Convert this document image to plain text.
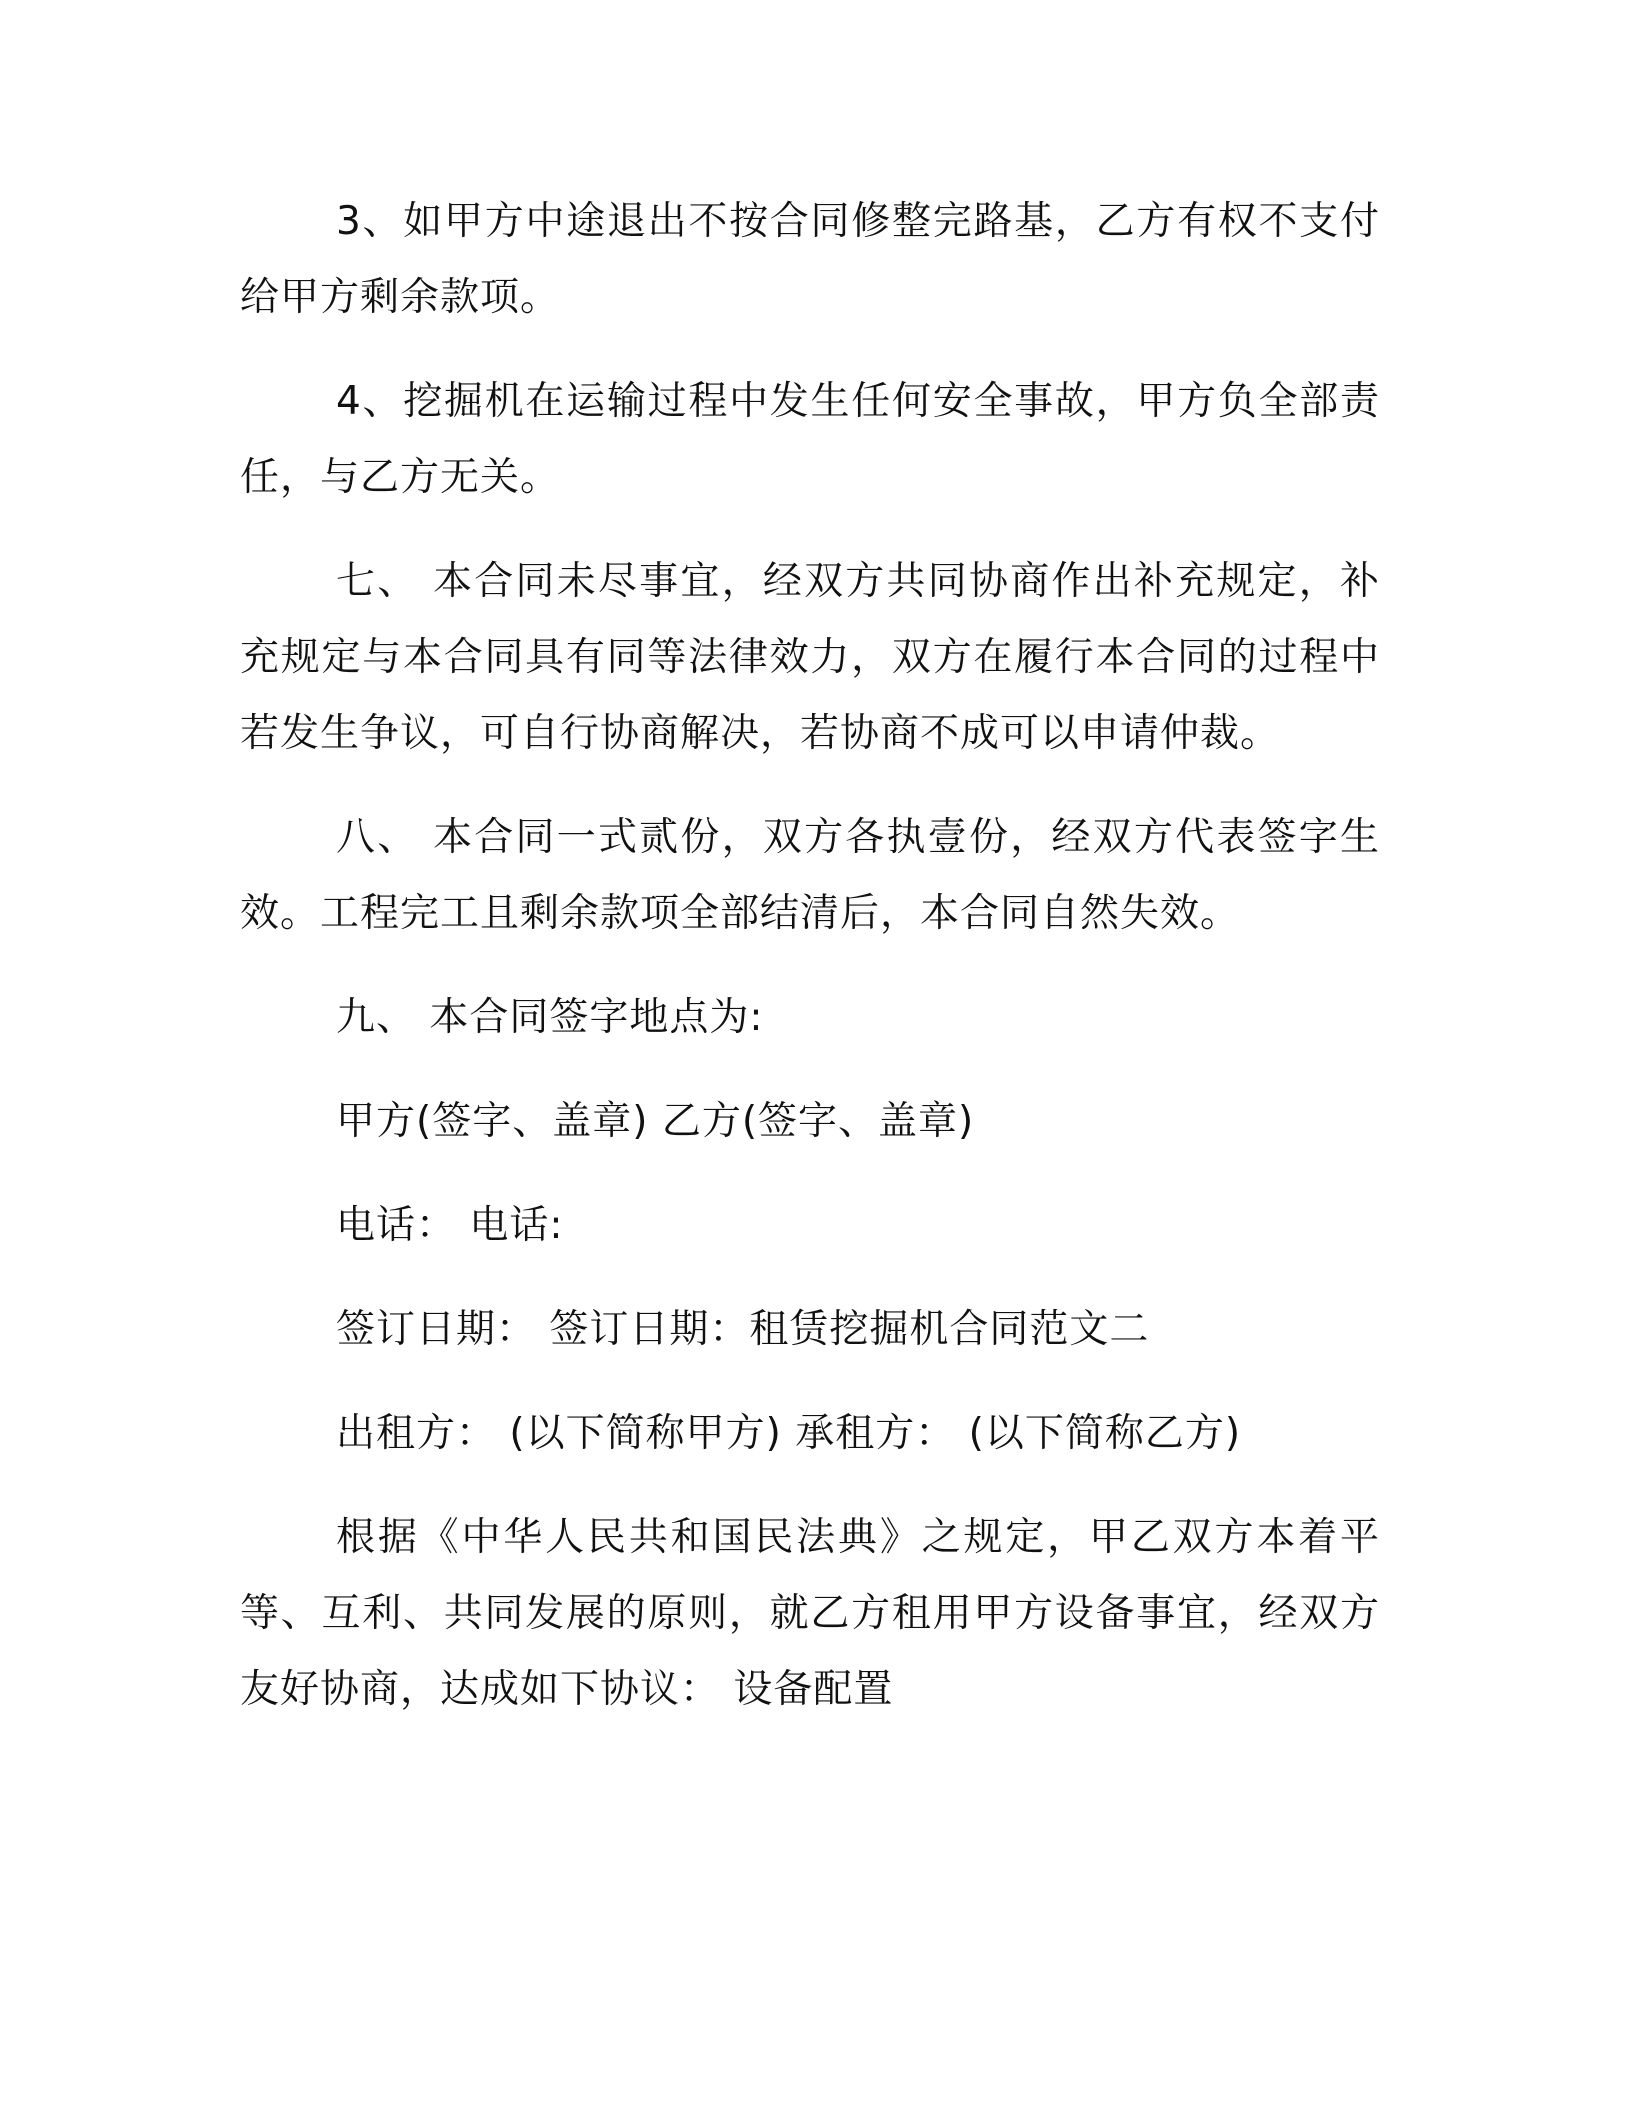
3、如甲方中途退出不按合同修整完路基，乙方有权不支付给甲方剩余款项。

4、挖掘机在运输过程中发生任何安全事故，甲方负全部责任，与乙方无关。

七、 本合同未尽事宜，经双方共同协商作出补充规定，补充规定与本合同具有同等法律效力，双方在履行本合同的过程中若发生争议，可自行协商解决，若协商不成可以申请仲裁。

八、 本合同一式贰份，双方各执壹份，经双方代表签字生效。工程完工且剩余款项全部结清后，本合同自然失效。

九、 本合同签字地点为:

甲方(签字、盖章) 乙方(签字、盖章)

电话： 电话:

签订日期： 签订日期：租赁挖掘机合同范文二

出租方： (以下简称甲方) 承租方： (以下简称乙方)

根据《中华人民共和国民法典》之规定，甲乙双方本着平等、互利、共同发展的原则，就乙方租用甲方设备事宜，经双方友好协商，达成如下协议： 设备配置
